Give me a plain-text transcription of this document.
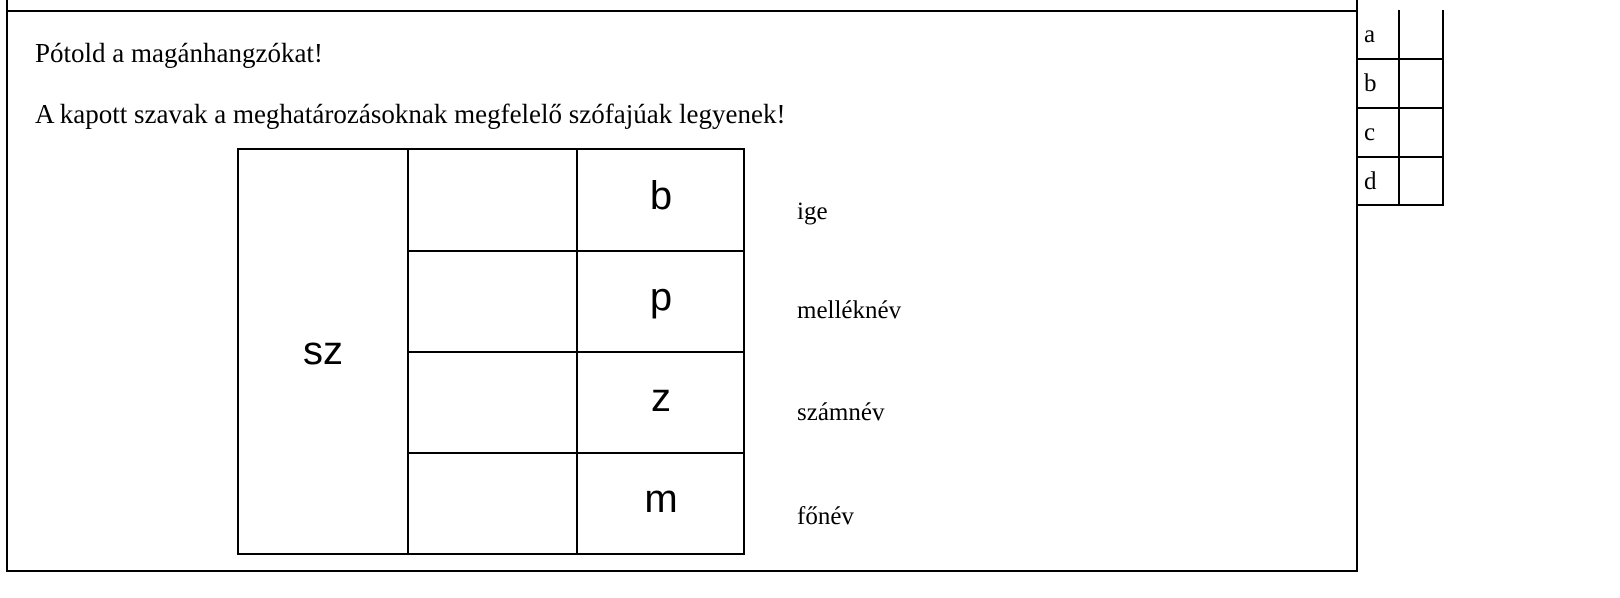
Pótold a magánhangzókat!
A kapott szavak a meghatározásoknak megfelelő szófajúak legyenek!
sz
b
p
z
m
ige
melléknév
számnév
főnév
a
b
c
d
